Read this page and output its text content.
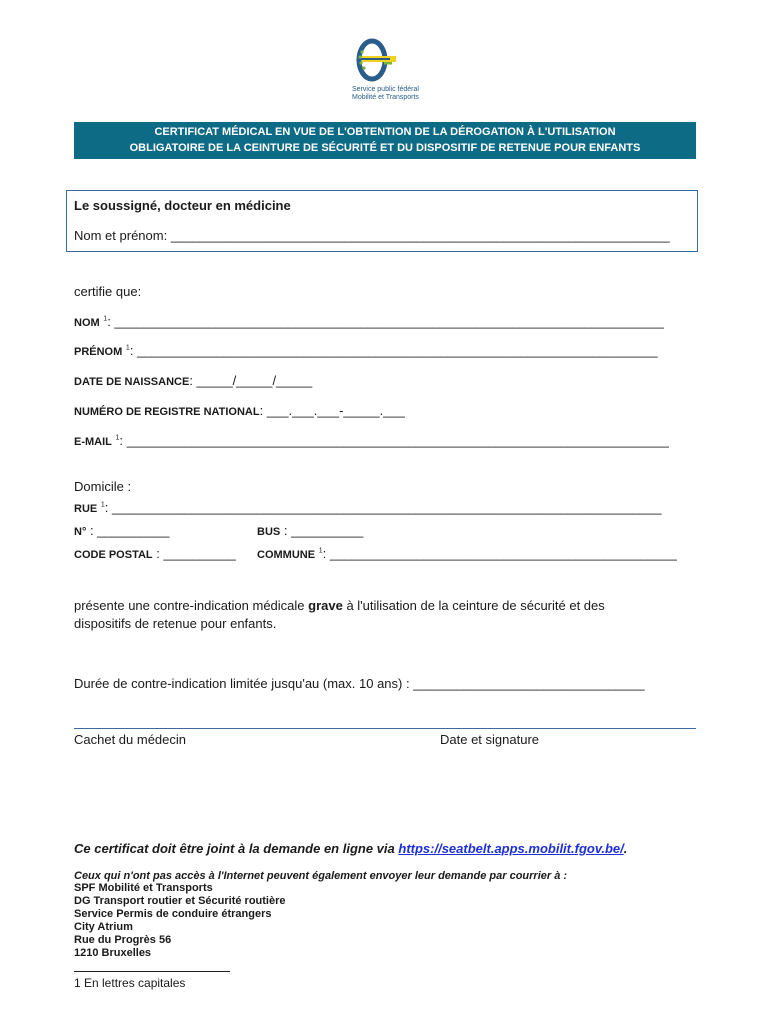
Service public fédéral
Mobilité et Transports
CERTIFICAT MÉDICAL EN VUE DE L'OBTENTION DE LA DÉROGATION À L'UTILISATION
OBLIGATOIRE DE LA CEINTURE DE SÉCURITÉ ET DU DISPOSITIF DE RETENUE POUR ENFANTS
Le soussigné, docteur en médicine
Nom et prénom: _____________________________________________________________________
certifie que:
NOM $^1$: ____________________________________________________________________________
PRÉNOM $^1$: ________________________________________________________________________
DATE DE NAISSANCE: _____/_____/_____
NUMÉRO DE REGISTRE NATIONAL: ___.___.___-_____.___
E-MAIL $^1$: ___________________________________________________________________________
Domicile :
RUE $^1$: ____________________________________________________________________________
N° : __________	BUS : __________
CODE POSTAL : __________ COMMUNE $^1$: ________________________________________________
présente une contre-indication médicale grave à l'utilisation de la ceinture de sécurité et des
dispositifs de retenue pour enfants.
Durée de contre-indication limitée jusqu'au (max. 10 ans) : ________________________________
Cachet du médecin	Date et signature
Ce certificat doit être joint à la demande en ligne via https://seatbelt.apps.mobilit.fgov.be/.
Ceux qui n'ont pas accès à l'Internet peuvent également envoyer leur demande par courrier à :
SPF Mobilité et Transports
DG Transport routier et Sécurité routière
Service Permis de conduire étrangers
City Atrium
Rue du Progrès 56
1210 Bruxelles
1 En lettres capitales
